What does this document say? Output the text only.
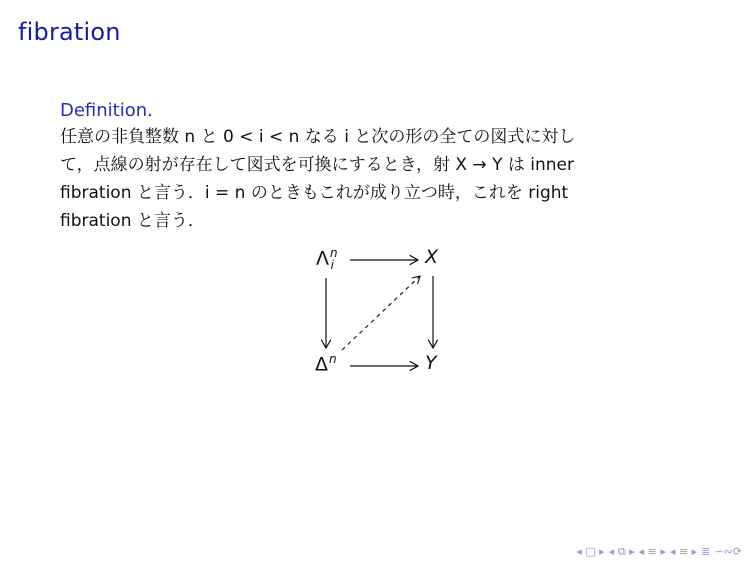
fibration
Definition.
任意の非負整数 n と 0 < i < n なる i と次の形の全ての図式に対し
て，点線の射が存在して図式を可換にするとき，射 X → Y は inner
fibration と言う．i = n のときもこれが成り立つ時，これを right
fibration と言う．
$\Lambda^n_i$	X
$\Delta^n$	Y
◂ □ ▸ ◂ ⧉ ▸ ◂ ≡ ▸ ◂ ≡ ▸ ≣ ∽∾⟳
